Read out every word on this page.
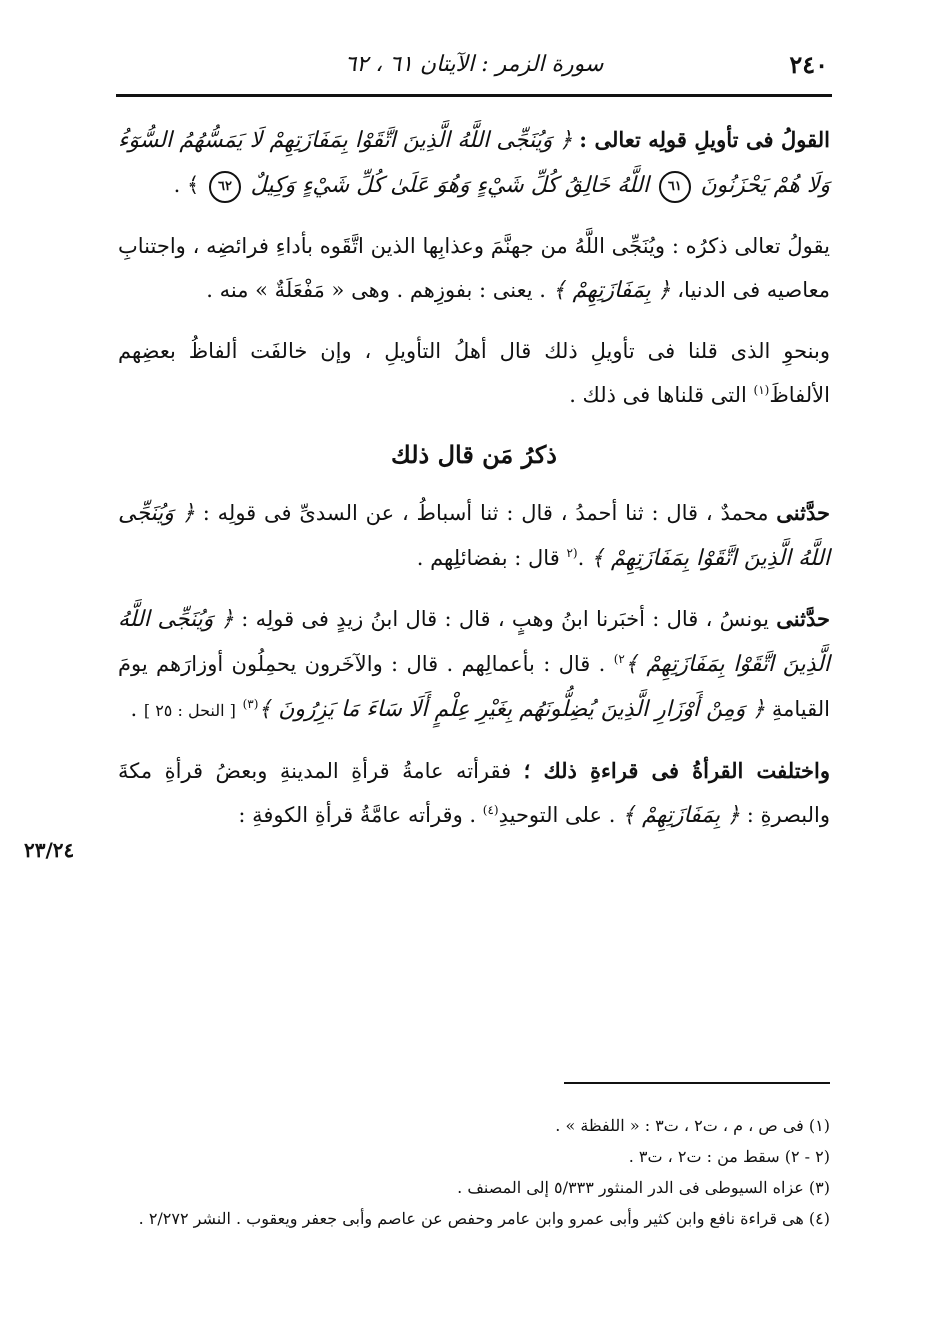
٢٤٠
سورة الزمر : الآيتان ٦١ ، ٦٢

القولُ فى تأويلِ قولِه تعالى : ﴿ وَيُنَجِّى اللَّهُ الَّذِينَ اتَّقَوْا بِمَفَازَتِهِمْ لَا يَمَسُّهُمُ السُّوٓءُ وَلَا هُمْ يَحْزَنُونَ ٦١ اللَّهُ خَالِقُ كُلِّ شَيْءٍ وَهُوَ عَلَىٰ كُلِّ شَيْءٍ وَكِيلٌ ٦٢ ﴾ .

يقولُ تعالى ذكرُه : ويُنَجِّى اللَّهُ من جهنَّمَ وعذابِها الذين اتَّقَوه بأداءِ فرائضِه ، واجتنابِ معاصيه فى الدنيا، ﴿ بِمَفَازَتِهِمْ ﴾ . يعنى : بفوزِهم . وهى « مَفْعَلَةٌ » منه .

وبنحوِ الذى قلنا فى تأويلِ ذلك قال أهلُ التأويلِ ، وإن خالفَت ألفاظُ بعضِهم الألفاظَ$^{(١)}$ التى قلناها فى ذلك .

ذكرُ مَن قال ذلك

حدَّثنى محمدٌ ، قال : ثنا أحمدُ ، قال : ثنا أسباطُ ، عن السدىِّ فى قولِه : ﴿ وَيُنَجِّى اللَّهُ الَّذِينَ اتَّقَوْا بِمَفَازَتِهِمْ ﴾ .$^{(٢}$ قال : بفضائلِهم .

حدَّثنى يونسُ ، قال : أخبَرنا ابنُ وهبٍ ، قال : قال ابنُ زيدٍ فى قولِه : ﴿ وَيُنَجِّى اللَّهُ الَّذِينَ اتَّقَوْا بِمَفَازَتِهِمْ ﴾$^{٢)}$ . قال : بأعمالِهم . قال : والآخَرون يحمِلُون أوزارَهم يومَ القيامةِ ﴿ وَمِنْ أَوْزَارِ الَّذِينَ يُضِلُّونَهُم بِغَيْرِ عِلْمٍ أَلَا سَاءَ مَا يَزِرُونَ ﴾$^{(٣)}$ [ النحل : ٢٥ ] .

واختلفت القرأةُ فى قراءةِ ذلك ؛ فقرأته عامةُ قرأةِ المدينةِ وبعضُ قرأةِ مكةَ والبصرةِ : ﴿ بِمَفَازَتِهِمْ ﴾ . على التوحيدِ$^{(٤)}$ . وقرأته عامَّةُ قرأةِ الكوفةِ :

٢٣/٢٤
(١) فى ص ، م ، ت٢ ، ت٣ : « اللفظة » .
(٢ - ٢) سقط من : ت٢ ، ت٣ .
(٣) عزاه السيوطى فى الدر المنثور ٥/٣٣٣ إلى المصنف .
(٤) هى قراءة نافع وابن كثير وأبى عمرو وابن عامر وحفص عن عاصم وأبى جعفر ويعقوب . النشر ٢/٢٧٢ .
